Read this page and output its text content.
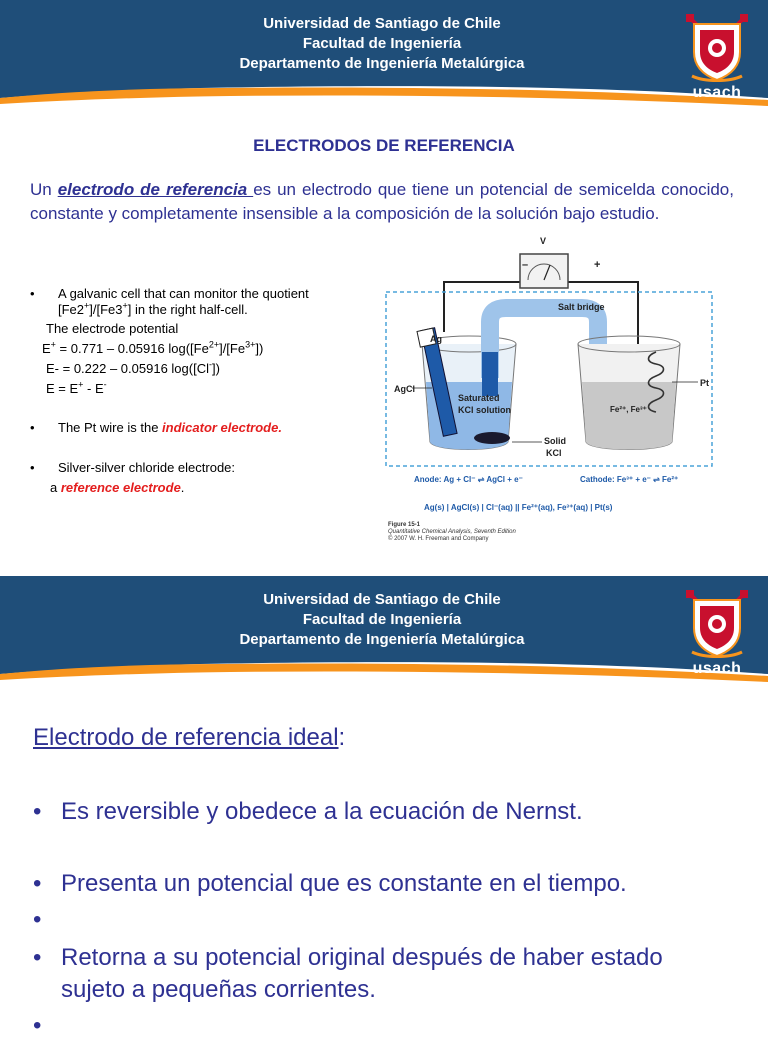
Universidad de Santiago de Chile
Facultad de Ingeniería
Departamento de Ingeniería Metalúrgica
usach
ELECTRODOS DE REFERENCIA
Un electrodo de referencia es un electrodo que tiene un potencial de semicelda conocido, constante y completamente insensible a la composición de la solución bajo estudio.
• A galvanic cell that can monitor the quotient
[Fe2+]/[Fe3+] in the right half-cell.
The electrode potential
E+ = 0.771 – 0.05916 $\log([Fe^{2+}]/[Fe^{3+}])$
E- = 0.222 – 0.05916 log([Cl-])
E = E+ - E-
• The Pt wire is the indicator electrode.
• Silver-silver chloride electrode:
a reference electrode.
V
–	+
Salt bridge
Ag
AgCl
Saturated
KCl solution
Solid
KCl
Pt
Fe²⁺, Fe³⁺
Anode: Ag + Cl⁻ ⇌ AgCl + e⁻	Cathode: Fe³⁺ + e⁻ ⇌ Fe²⁺
Ag(s) | AgCl(s) | Cl⁻(aq) || Fe²⁺(aq), Fe³⁺(aq) | Pt(s)
Figure 15-1
Quantitative Chemical Analysis, Seventh Edition
© 2007 W. H. Freeman and Company
Universidad de Santiago de Chile
Facultad de Ingeniería
Departamento de Ingeniería Metalúrgica
usach
Electrodo de referencia ideal:
• Es reversible y obedece a la ecuación de Nernst.
• Presenta un potencial que es constante en el tiempo.
•
• Retorna a su potencial original después de haber estado
sujeto a pequeñas corrientes.
•
